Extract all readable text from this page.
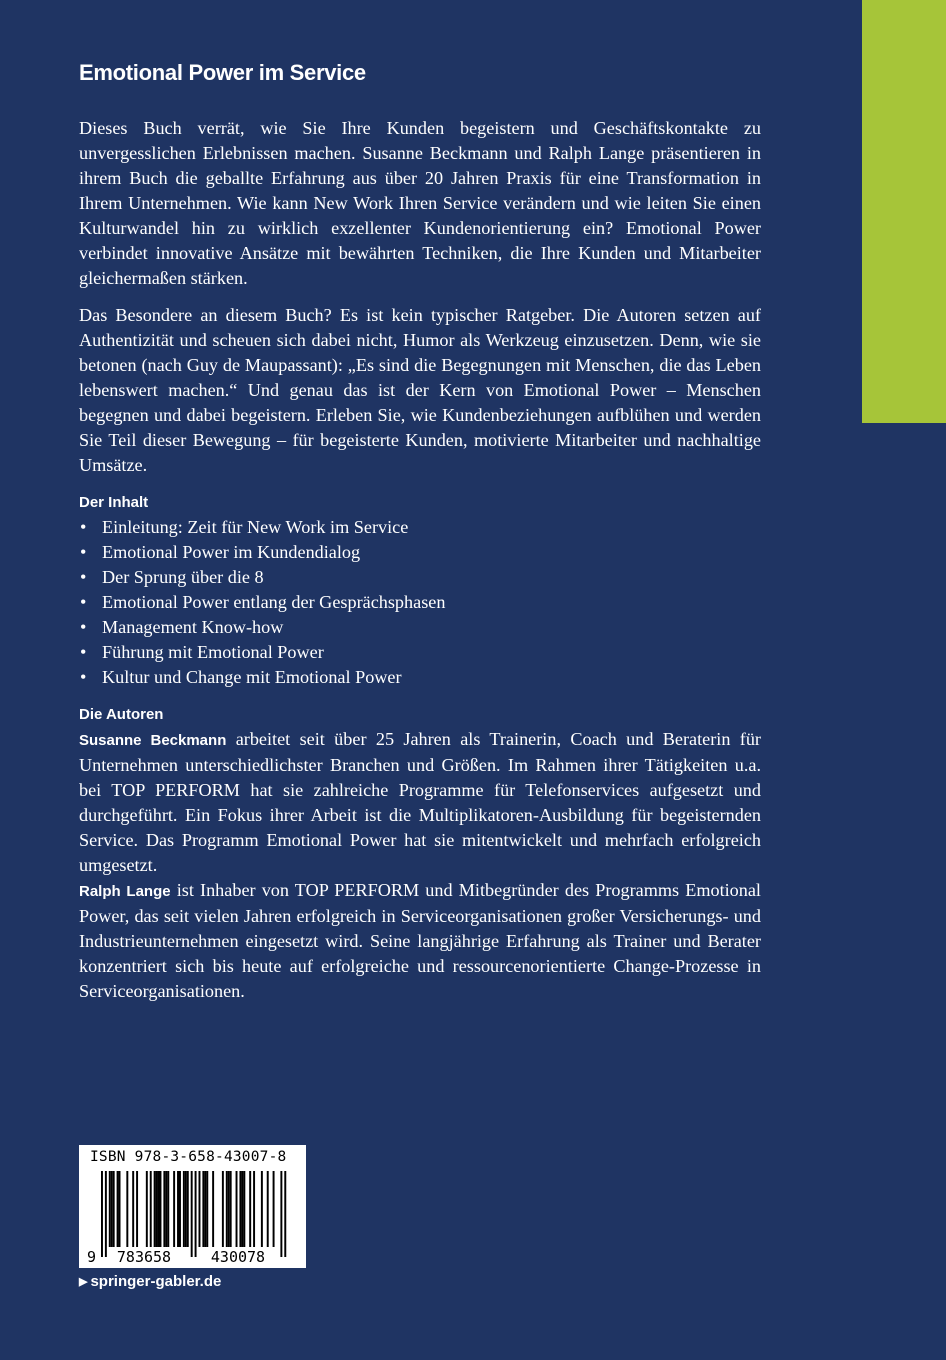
Emotional Power im Service

Dieses Buch verrät, wie Sie Ihre Kunden begeistern und Geschäftskontakte zu unvergesslichen Erlebnissen machen. Susanne Beckmann und Ralph Lange präsentieren in ihrem Buch die geballte Erfahrung aus über 20 Jahren Praxis für eine Transformation in Ihrem Unternehmen. Wie kann New Work Ihren Service verändern und wie leiten Sie einen Kulturwandel hin zu wirklich exzellenter Kundenorientierung ein? Emotional Power verbindet innovative Ansätze mit bewährten Techniken, die Ihre Kunden und Mitarbeiter gleichermaßen stärken.

Das Besondere an diesem Buch? Es ist kein typischer Ratgeber. Die Autoren setzen auf Authentizität und scheuen sich dabei nicht, Humor als Werkzeug einzusetzen. Denn, wie sie betonen (nach Guy de Maupassant): „Es sind die Begegnungen mit Menschen, die das Leben lebenswert machen.“ Und genau das ist der Kern von Emotional Power – Menschen begegnen und dabei begeistern. Erleben Sie, wie Kundenbeziehungen aufblühen und werden Sie Teil dieser Bewegung – für begeisterte Kunden, motivierte Mitarbeiter und nachhaltige Umsätze.

Der Inhalt
• Einleitung: Zeit für New Work im Service
• Emotional Power im Kundendialog
• Der Sprung über die 8
• Emotional Power entlang der Gesprächsphasen
• Management Know-how
• Führung mit Emotional Power
• Kultur und Change mit Emotional Power
Die Autoren

Susanne Beckmann arbeitet seit über 25 Jahren als Trainerin, Coach und Beraterin für Unternehmen unterschiedlichster Branchen und Größen. Im Rahmen ihrer Tätigkeiten u.a. bei TOP PERFORM hat sie zahlreiche Programme für Telefonservices aufgesetzt und durchgeführt. Ein Fokus ihrer Arbeit ist die Multiplikatoren-Ausbildung für begeisternden Service. Das Programm Emotional Power hat sie mitentwickelt und mehrfach erfolgreich umgesetzt.

Ralph Lange ist Inhaber von TOP PERFORM und Mitbegründer des Programms Emotional Power, das seit vielen Jahren erfolgreich in Serviceorganisationen großer Versicherungs- und Industrieunternehmen eingesetzt wird. Seine langjährige Erfahrung als Trainer und Berater konzentriert sich bis heute auf erfolgreiche und ressourcenorientierte Change-Prozesse in Serviceorganisationen.

ISBN 978-3-658-43007-8
9 783658	430078
▶ springer-gabler.de
